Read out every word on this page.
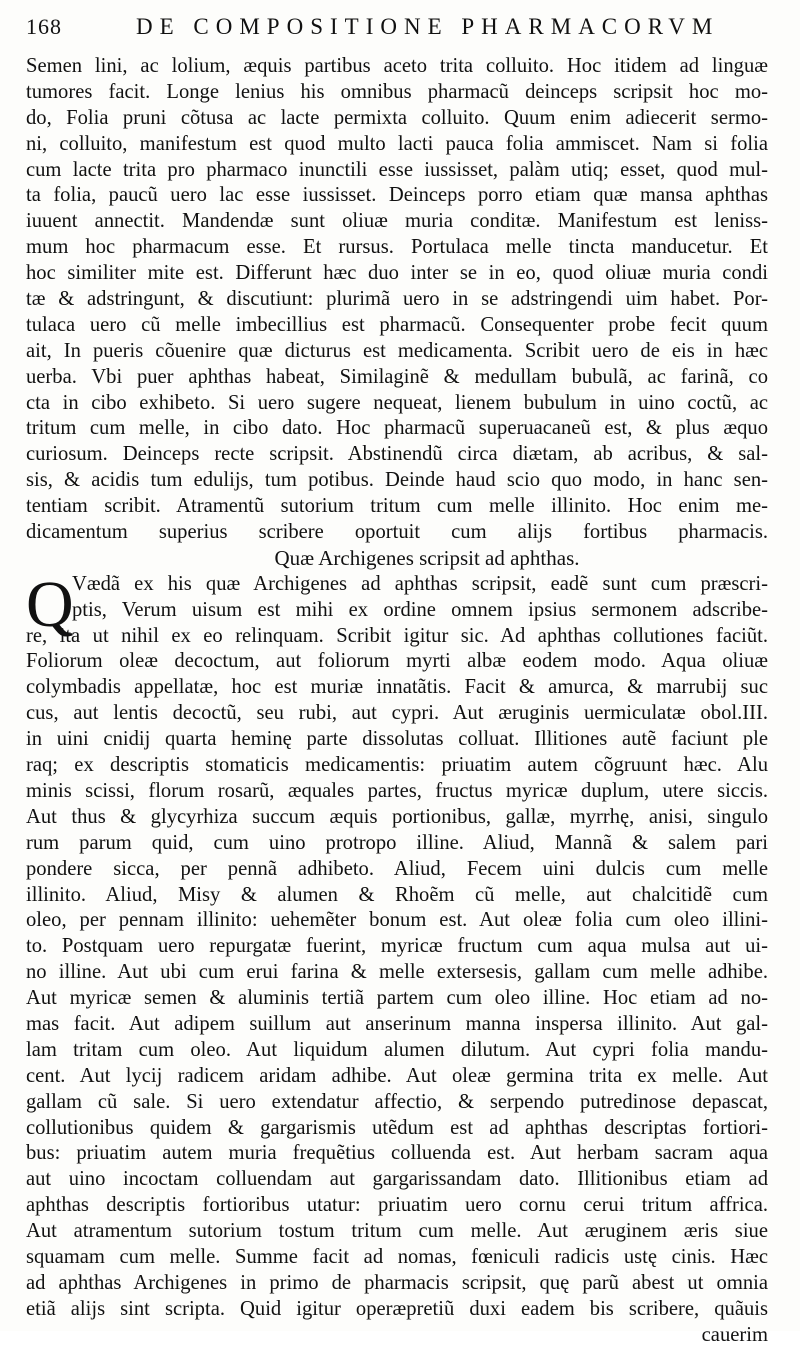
168	DE COMPOSITIONE PHARMACORVM
Semen lini, ac lolium, æquis partibus aceto trita colluito. Hoc itidem ad linguæ
tumores facit. Longe lenius his omnibus pharmacũ deinceps scripsit hoc mo-
do, Folia pruni cõtusa ac lacte permixta colluito. Quum enim adiecerit sermo-
ni, colluito, manifestum est quod multo lacti pauca folia ammiscet. Nam si folia
cum lacte trita pro pharmaco inunctili esse iussisset, palàm utiq; esset, quod mul-
ta folia, paucũ uero lac esse iussisset. Deinceps porro etiam quæ mansa aphthas
iuuent annectit. Mandendæ sunt oliuæ muria conditæ. Manifestum est leniss-
mum hoc pharmacum esse. Et rursus. Portulaca melle tincta manducetur. Et
hoc similiter mite est. Differunt hæc duo inter se in eo, quod oliuæ muria condi
tæ & adstringunt, & discutiunt: plurimã uero in se adstringendi uim habet. Por-
tulaca uero cũ melle imbecillius est pharmacũ. Consequenter probe fecit quum
ait, In pueris cõuenire quæ dicturus est medicamenta. Scribit uero de eis in hæc
uerba. Vbi puer aphthas habeat, Similaginẽ & medullam bubulã, ac farinã, co
cta in cibo exhibeto. Si uero sugere nequeat, lienem bubulum in uino coctũ, ac
tritum cum melle, in cibo dato. Hoc pharmacũ superuacaneũ est, & plus æquo
curiosum. Deinceps recte scripsit. Abstinendũ circa diætam, ab acribus, & sal-
sis, & acidis tum edulijs, tum potibus. Deinde haud scio quo modo, in hanc sen-
tentiam scribit. Atramentũ sutorium tritum cum melle illinito. Hoc enim me-
dicamentum superius scribere oportuit cum alijs fortibus pharmacis.
Quæ Archigenes scripsit ad aphthas.
Q
Vædã ex his quæ Archigenes ad aphthas scripsit, eadẽ sunt cum præscri-
ptis, Verum uisum est mihi ex ordine omnem ipsius sermonem adscribe-
re, ita ut nihil ex eo relinquam. Scribit igitur sic. Ad aphthas collutiones faciũt.
Foliorum oleæ decoctum, aut foliorum myrti albæ eodem modo. Aqua oliuæ
colymbadis appellatæ, hoc est muriæ innatãtis. Facit & amurca, & marrubij suc
cus, aut lentis decoctũ, seu rubi, aut cypri. Aut æruginis uermiculatæ obol.III.
in uini cnidij quarta heminę parte dissolutas colluat. Illitiones autẽ faciunt ple
raq; ex descriptis stomaticis medicamentis: priuatim autem cõgruunt hæc. Alu
minis scissi, florum rosarũ, æquales partes, fructus myricæ duplum, utere siccis.
Aut thus & glycyrhiza succum æquis portionibus, gallæ, myrrhę, anisi, singulo
rum parum quid, cum uino protropo illine. Aliud, Mannã & salem pari
pondere sicca, per pennã adhibeto. Aliud, Fecem uini dulcis cum melle
illinito. Aliud, Misy & alumen & Rhoẽm cũ melle, aut chalcitidẽ cum
oleo, per pennam illinito: uehemẽter bonum est. Aut oleæ folia cum oleo illini-
to. Postquam uero repurgatæ fuerint, myricæ fructum cum aqua mulsa aut ui-
no illine. Aut ubi cum erui farina & melle extersesis, gallam cum melle adhibe.
Aut myricæ semen & aluminis tertiã partem cum oleo illine. Hoc etiam ad no-
mas facit. Aut adipem suillum aut anserinum manna inspersa illinito. Aut gal-
lam tritam cum oleo. Aut liquidum alumen dilutum. Aut cypri folia mandu-
cent. Aut lycij radicem aridam adhibe. Aut oleæ germina trita ex melle. Aut
gallam cũ sale. Si uero extendatur affectio, & serpendo putredinose depascat,
collutionibus quidem & gargarismis utẽdum est ad aphthas descriptas fortiori-
bus: priuatim autem muria frequẽtius colluenda est. Aut herbam sacram aqua
aut uino incoctam colluendam aut gargarissandam dato. Illitionibus etiam ad
aphthas descriptis fortioribus utatur: priuatim uero cornu cerui tritum affrica.
Aut atramentum sutorium tostum tritum cum melle. Aut æruginem æris siue
squamam cum melle. Summe facit ad nomas, fœniculi radicis ustę cinis. Hæc
ad aphthas Archigenes in primo de pharmacis scripsit, quę parũ abest ut omnia
etiã alijs sint scripta. Quid igitur operæpretiũ duxi eadem bis scribere, quãuis
cauerim
